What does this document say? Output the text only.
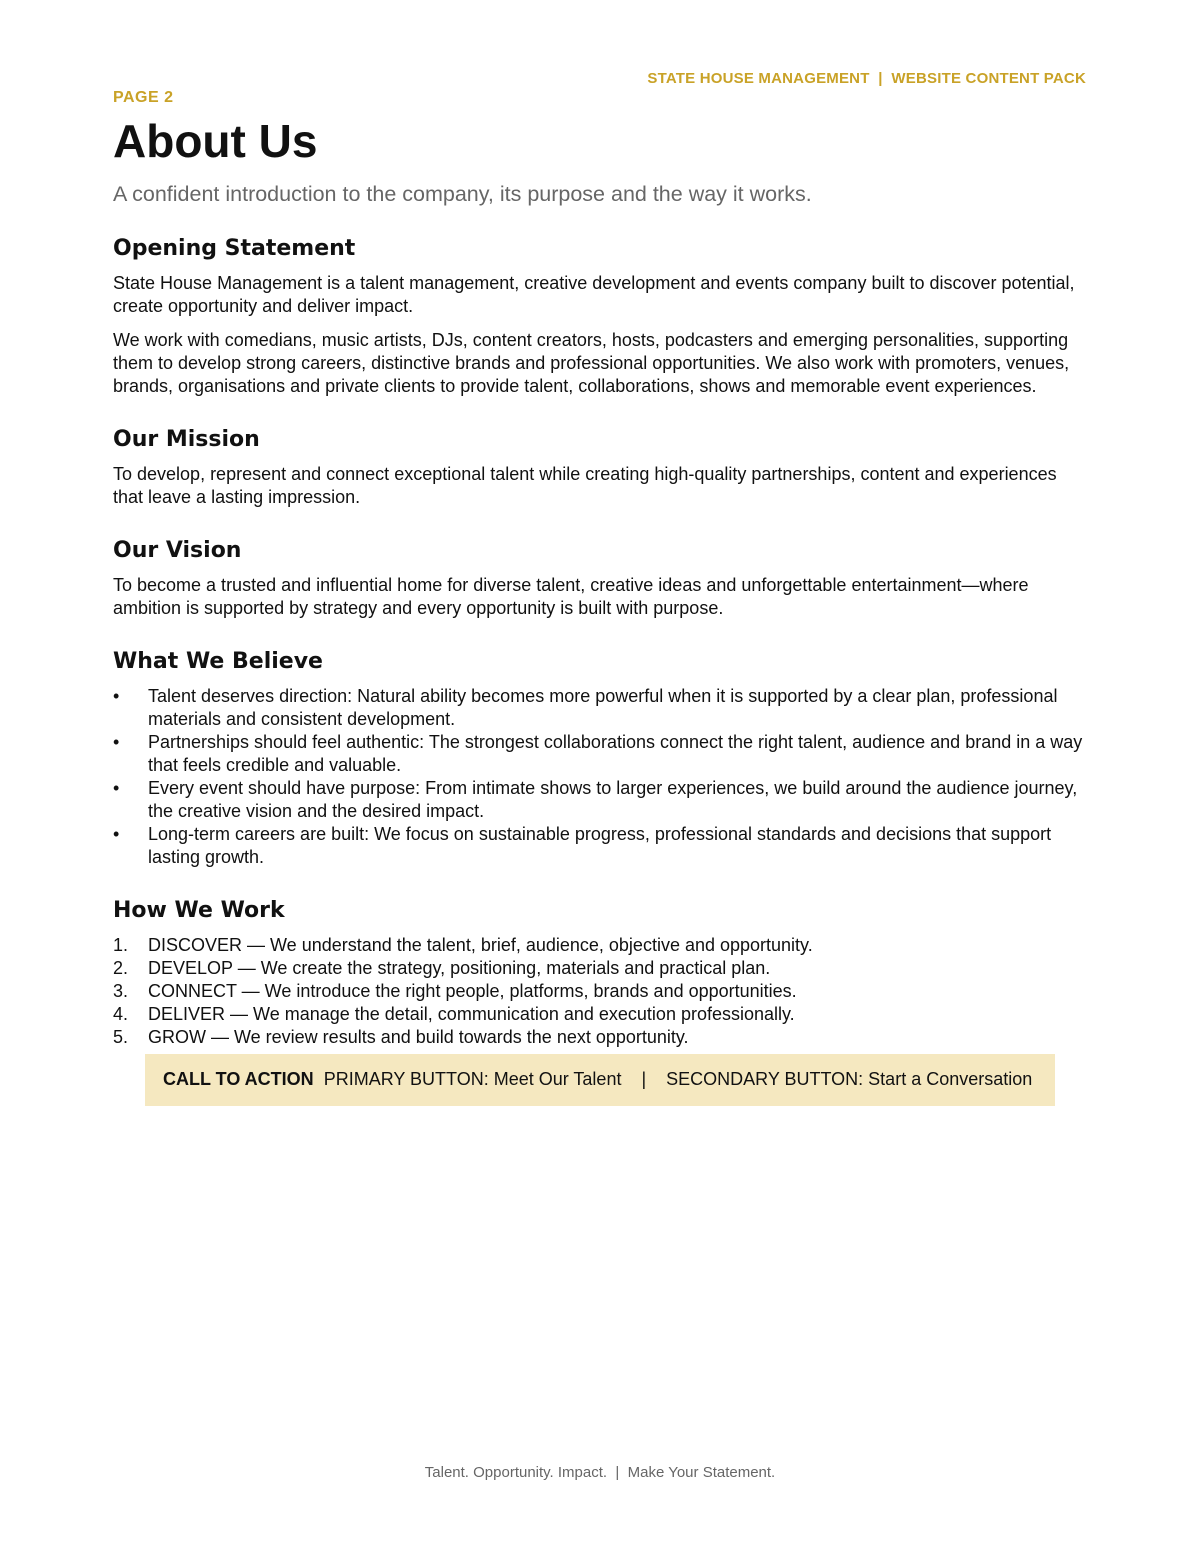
STATE HOUSE MANAGEMENT  |  WEBSITE CONTENT PACK
PAGE 2
About Us
A confident introduction to the company, its purpose and the way it works.
Opening Statement

State House Management is a talent management, creative development and events company built to discover potential, create opportunity and deliver impact.

We work with comedians, music artists, DJs, content creators, hosts, podcasters and emerging personalities, supporting them to develop strong careers, distinctive brands and professional opportunities. We also work with promoters, venues, brands, organisations and private clients to provide talent, collaborations, shows and memorable event experiences.

Our Mission

To develop, represent and connect exceptional talent while creating high-quality partnerships, content and experiences that leave a lasting impression.

Our Vision

To become a trusted and influential home for diverse talent, creative ideas and unforgettable entertainment—where ambition is supported by strategy and every opportunity is built with purpose.

What We Believe
• Talent deserves direction: Natural ability becomes more powerful when it is supported by a clear plan, professional materials and consistent development.
• Partnerships should feel authentic: The strongest collaborations connect the right talent, audience and brand in a way that feels credible and valuable.
• Every event should have purpose: From intimate shows to larger experiences, we build around the audience journey, the creative vision and the desired impact.
• Long-term careers are built: We focus on sustainable progress, professional standards and decisions that support lasting growth.
How We Work
1. DISCOVER — We understand the talent, brief, audience, objective and opportunity.
2. DEVELOP — We create the strategy, positioning, materials and practical plan.
3. CONNECT — We introduce the right people, platforms, brands and opportunities.
4. DELIVER — We manage the detail, communication and execution professionally.
5. GROW — We review results and build towards the next opportunity.
CALL TO ACTION PRIMARY BUTTON: Meet Our Talent    |    SECONDARY BUTTON: Start a Conversation
Talent. Opportunity. Impact.  |  Make Your Statement.
